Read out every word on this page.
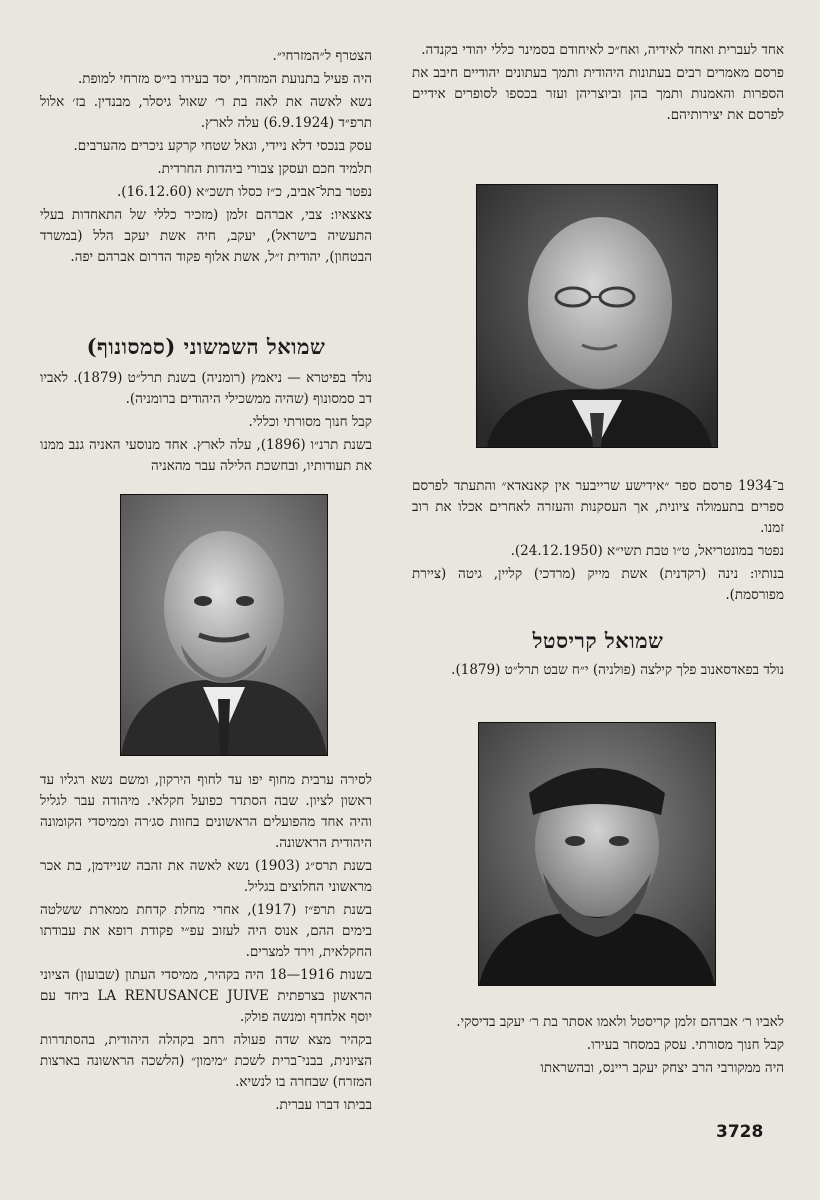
אחד לעברית ואחד לאידיה, ואח״כ לאיחודם בסמינר כללי יהודי בקנדה.

פרסם מאמרים רבים בעתונות היהודית ותמך בעתונים יהודיים חיבב את הספרות והאמנות ותמך בהן וביוצריהן ועזר בכספו לסופרים אידיים לפרסם את יצירותיהם.

ב־1934 פרסם ספר ״אידישע שרייבער אין קאנאדא״ והתעתד לפרסם ספרים בתעמולה ציונית, אך העסקנות והעזרה לאחרים אכלו את רוב זמנו.

נפטר במונטריאל, ט״ו טבת תשי״א (24.12.1950).

בנותיו: נינה (רקדנית) אשת מייק (מרדכי) קליין, גיטה (ציירת מפורסמת).

שמואל קריסטל

נולד בפאדסאנוב פלך קילצה (פולניה) י״ח שבט תרל״ט (1879).

לאביו ר׳ אברהם זלמן קריסטל ולאמו אסתר בת ר׳ יעקב בדיסקי.

קבל חנוך מסורתי. עסק במסחר בעירו.

היה ממקורבי הרב יצחק יעקב ריינס, ובהשראתו

הצטרף ל״המזרחי״.

היה פעיל בתנועת המזרחי, יסד בעירו בי״ס מזרחי למופת.

נשא לאשה את לאה בת ר׳ שאול גיסלר, מבנדין. בז׳ אלול תרפ״ד (6.9.1924) עלה לארץ.

עסק בנכסי דלא ניידי, וגאל שטחי קרקע ניכרים מהערבים.

תלמיד חכם ועסקן צבורי ביהדות החרדית.

נפטר בתל־אביב, כ״ז כסלו תשכ״א (16.12.60).

צאצאיו: צבי, אברהם זלמן (מזכיר כללי של התאחדות בעלי התעשיה בישראל), יעקב, חיה אשת יעקב הלל (במשרד הבטחון), יהודית ז״ל, אשת אלוף פקוד הדרום אברהם יפה.

שמואל השמשוני (סמסונוף)

נולד בפיטרא — ניאמץ (רומניה) בשנת תרל״ט (1879). לאביו דב סמסונוף (שהיה ממשכילי היהודים ברומניה).

קבל חנוך מסורתי וכללי.

בשנת תרנ״ו (1896), עלה לארץ. אחד מנוסעי האניה גנב ממנו את תעודותיו, ובחשכת הלילה עבר מהאניה

לסירה ערבית מחוף יפו עד לחוף הירקון, ומשם נשא רגליו עד ראשון לציון. שבה הסתדר כפועל חקלאי. מיהודה עבר לגליל והיה אחד מהפועלים הראשונים בחוות סג׳רה וממיסדי הקומונה היהודית הראשונה.

בשנת תרס״ג (1903) נשא לאשה את זהבה שניידמן, בת אכר מראשוני החלוצים בגליל.

בשנת תרפ״ז (1917), אחרי מחלת קדחת ממארת ששלטה בימים ההם, אנוס היה לעזוב עפ״י פקודת רופא את עבודתו החקלאית, וירד למצרים.

בשנות 1916—18 היה בקהיר, ממיסדי העתון (שבועון) הציוני הראשון בצרפתית LA RENUSANCE JUIVE ביחד עם יוסף אלחדף ומנשה פולק.

בקהיר מצא שדה פעולה רחב בקהלה היהודית, בהסתדרות הציונית, בבני־ברית לשכת ״מימון״ (הלשכה הראשונה בארצות המזרח) שבחרה בו לנשיא.

בביתו דברו עברית.

3728
